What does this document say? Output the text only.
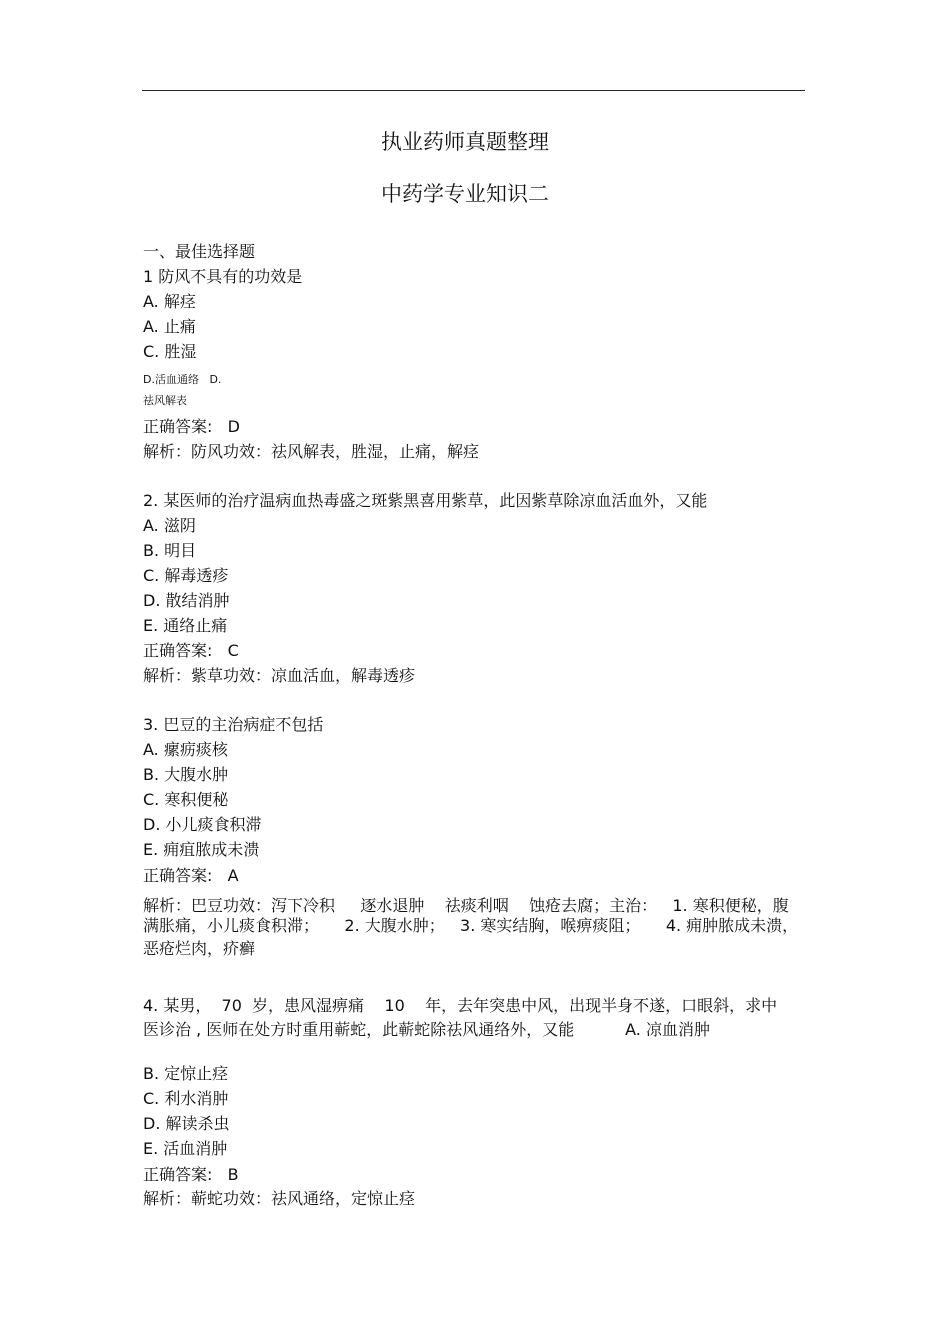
执业药师真题整理
中药学专业知识二
一、最佳选择题
1 防风不具有的功效是
A. 解痉
A. 止痛
C. 胜湿
D.活血通络   D.
祛风解表
正确答案:   D
解析：防风功效：祛风解表，胜湿，止痛，解痉
2. 某医师的治疗温病血热毒盛之斑紫黑喜用紫草，此因紫草除凉血活血外，又能
A. 滋阴
B. 明目
C. 解毒透疹
D. 散结消肿
E. 通络止痛
正确答案:   C
解析：紫草功效：凉血活血，解毒透疹
3. 巴豆的主治病症不包括
A. 瘰疬痰核
B. 大腹水肿
C. 寒积便秘
D. 小儿痰食积滞
E. 痈疽脓成未溃
正确答案:   A
解析：巴豆功效：泻下冷积     逐水退肿    祛痰利咽    蚀疮去腐；主治：   1. 寒积便秘，腹
满胀痛，小儿痰食积滞；     2. 大腹水肿；   3. 寒实结胸，喉痹痰阻；     4. 痈肿脓成未溃，
恶疮烂肉，疥癣
4. 某男，  70  岁，患风湿痹痛    10    年，去年突患中风，出现半身不遂，口眼斜，求中
医诊治 , 医师在处方时重用蕲蛇，此蕲蛇除祛风通络外，又能          A. 凉血消肿
B. 定惊止痉
C. 利水消肿
D. 解读杀虫
E. 活血消肿
正确答案:   B
解析：蕲蛇功效：祛风通络，定惊止痉
